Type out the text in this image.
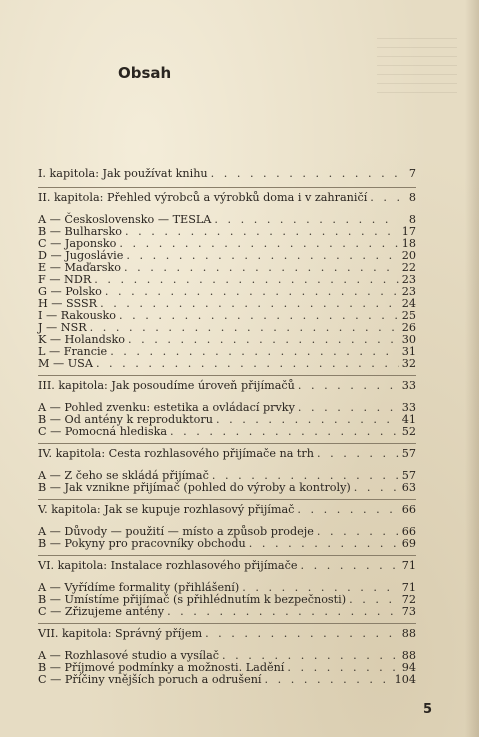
Obsah
I. kapitola: Jak používat knihu . . .	7
II. kapitola: Přehled výrobců a výrobků doma i v zahraničí . . .	8
A — Československo — TESLA . . .	8
B — Bulharsko . . .	17
C — Japonsko . . .	18
D — Jugoslávie . . .	20
E — Maďarsko . . .	22
F — NDR . . .	23
G — Polsko . . .	23
H — SSSR . . .	24
I — Rakousko . . .	25
J — NSR . . .	26
K — Holandsko . . .	30
L — Francie . . .	31
M — USA . . .	32
III. kapitola: Jak posoudíme úroveň přijímačů . . .	33
A — Pohled zvenku: estetika a ovládací prvky . . .	33
B — Od antény k reproduktoru . . .	41
C — Pomocná hlediska . . .	52
IV. kapitola: Cesta rozhlasového přijímače na trh . . .	57
A — Z čeho se skládá přijímač . . .	57
B — Jak vznikne přijímač (pohled do výroby a kontroly) . . .	63
V. kapitola: Jak se kupuje rozhlasový přijímač . . .	66
A — Důvody — použití — místo a způsob prodeje . . .	66
B — Pokyny pro pracovníky obchodu . . .	69
VI. kapitola: Instalace rozhlasového přijímače . . .	71
A — Vyřídíme formality (přihlášení) . . .	71
B — Umístíme přijímač (s přihlédnutím k bezpečnosti) . . .	72
C — Zřizujeme antény . . .	73
VII. kapitola: Správný příjem . . .	88
A — Rozhlasové studio a vysílač . . .	88
B — Příjmové podmínky a možnosti. Ladění . . .	94
C — Příčiny vnějších poruch a odrušení . . .	104
5
